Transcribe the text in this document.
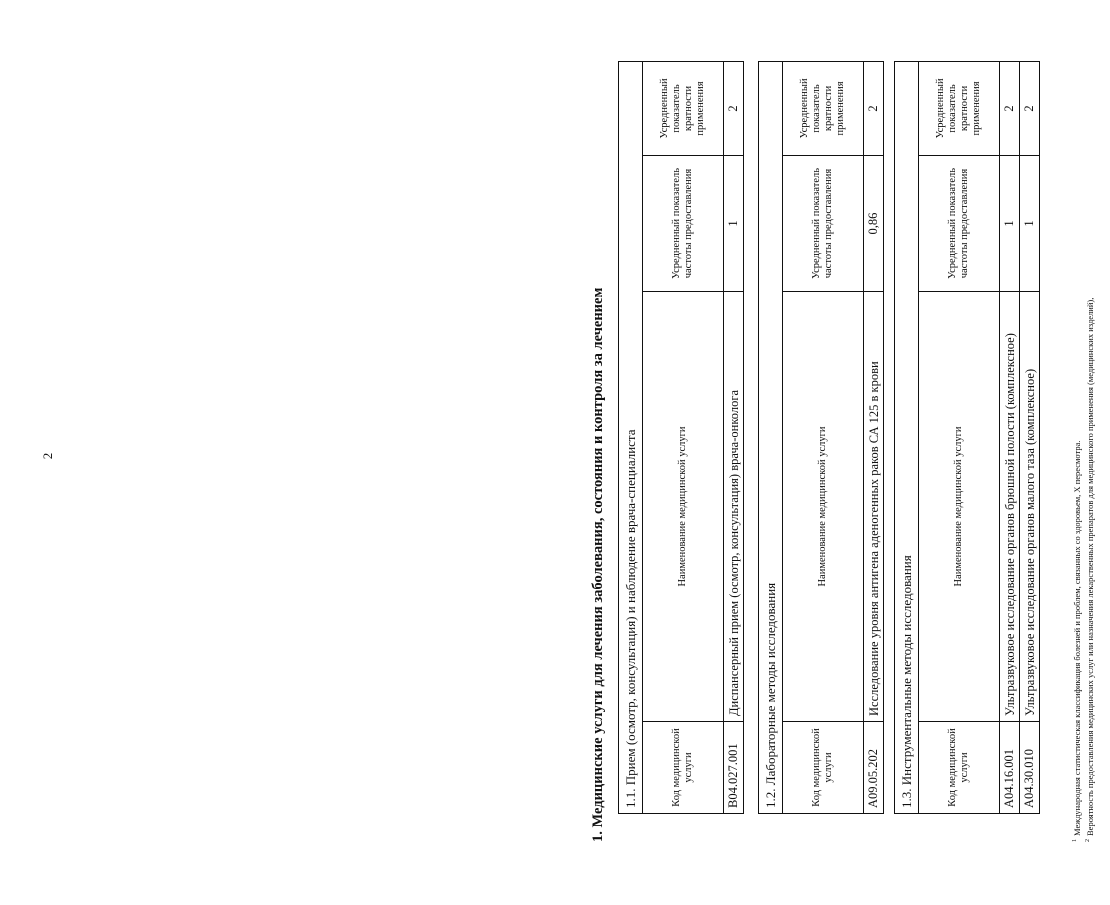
2	1. Медицинские услуги для лечения заболевания, состояния и контроля за лечением 1.1. Прием (осмотр, консультация) и наблюдение врача-специалиста			
Код медицинской услуги	Наименование медицинской услуги	Усредненный показатель частоты предоставления	Усредненный показатель кратности применения
B04.027.001	Диспансерный прием (осмотр, консультация) врача-онколога	1	2
1.2. Лабораторные методы исследования			
Код медицинской услуги	Наименование медицинской услуги	Усредненный показатель частоты предоставления	Усредненный показатель кратности применения
A09.05.202	Исследование уровня антигена аденогенных раков СА 125 в крови	0,86	2
1.3. Инструментальные методы исследования			
Код медицинской услуги	Наименование медицинской услуги	Усредненный показатель частоты предоставления	Усредненный показатель кратности применения
A04.16.001	Ультразвуковое исследование органов брюшной полости (комплексное)	1	2
A04.30.010	Ультразвуковое исследование органов малого таза (комплексное)	1	2
$^1$Международная статистическая классификация болезней и проблем, связанных со здоровьем, X пересмотра.
$^2$Вероятность предоставления медицинских услуг или назначения лекарственных препаратов для медицинского применения (медицинских изделий),
